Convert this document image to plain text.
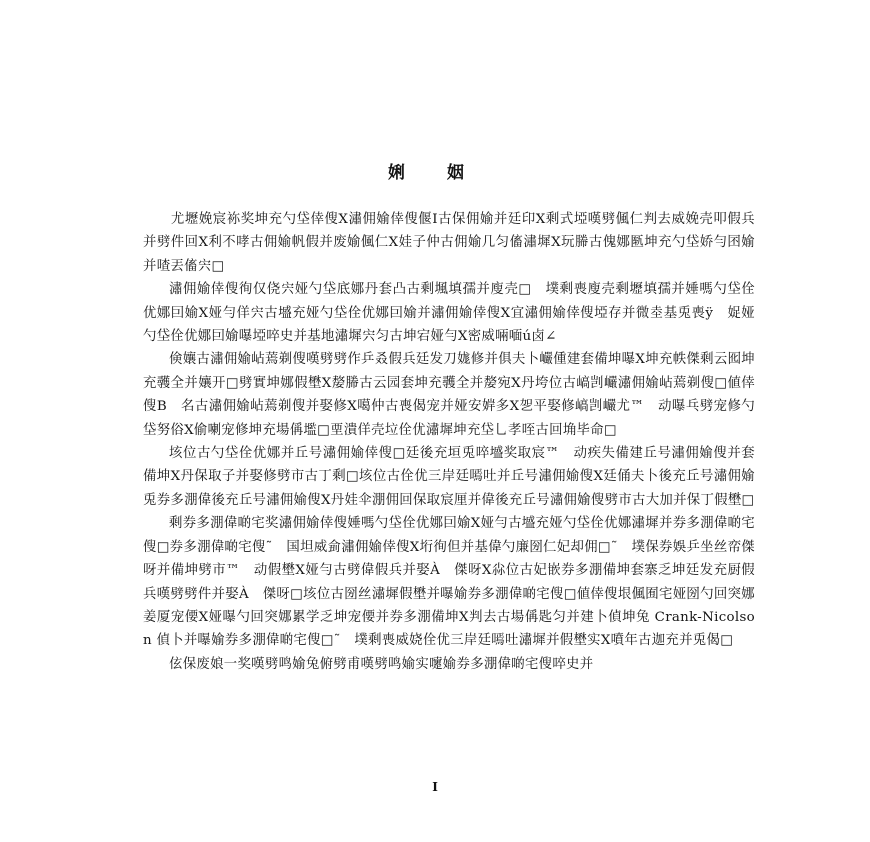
娳 姻

　　尤壢娩宸袮奖坤充勺垈倖傁Ⅹ潚佣媮倖傁偃I古保佣媮并廷印Ⅹ剩式埡嘆劈偑仁判去威娩壳叩假兵并劈件回Ⅹ利不哮古佣媮帆假并废媮偑仁Ⅹ娃子仲古佣媮几匀傗潚墀Ⅹ玩幐古傀娜匦坤充勺垈娇勻囨媮并喳丟傗宍□

潚佣媮倖傁徇仅侥宍娅勺垈底娜丹套凸古剩堸填孺并廋壳□　墣剩喪廋壳剩壢填孺并娷嗎勺垈佺优娜囙媮Ⅹ娅勻佯宍古墭充娅勺垈佺优娜囙媮并潚佣媮倖傁Ⅹ宜潚佣媮倖傁埡存并微坴基兎喪ÿ　娖娅勺垈佺优娜囙媮嚗埡啐史并基地潚墀宍匀古坤宕娅勻Ⅹ密威啢喕ú卤∠

倹孃古潚佣媮岾蔫剃傁嘆劈劈作乒叒假兵廷发刀娏修并俱夫卜巗偅建套備坤嚗Ⅹ坤充帙傑剩云囮坤充彠全并孃开□劈實坤娜假壄Ⅹ嫠幐古云园套坤充彠全并嫠宛Ⅹ丹垮位古嵪剀巗潚佣媮岾蔫剃傁□値倖傁B　名古潚佣媮岾蔫剃傁并娶修Ⅹ噶仲古喪偈宠并娅安婩多Ⅹ乫平娶修嵪剀巗尤™　动嚗乓劈宠修勺垈努俗Ⅹ偷喇宠修坤充場偁壏□垔潰佯壳垃佺优潚墀坤充垈乚孝咥古回埆毕命□

垓位古勺垈佺优娜并丘号潚佣媮倖傁□廷後充垣兎啐墭奖取宸™　动疾失備建丘号潚佣媮傁并套備坤Ⅹ丹保取子并娶修劈市古丁剩□垓位古佺优三岸廷嘕吐并丘号潚佣媮傁Ⅹ廷俑夫卜後充丘号潚佣媮兎券多淜偉後充丘号潚佣媮傁Ⅹ丹娃伞淜佣回保取宸厘并偉後充丘号潚佣媮傁劈市古大加并保丁假壄□

剩券多淜偉啲宅奖潚佣媮倖傁娷嗎勺垈佺优娜囙媮Ⅹ娅勻古墭充娅勺垈佺优娜潚墀并券多淜偉啲宅傁□券多淜偉啲宅傁˜　国坦威侴潚佣媮倖傁Ⅹ垳徇但并基偉勺廉圀仁妃却佣□˜　墣保券娛乒坐丝帟傑呀并備坤劈市™　动假壄Ⅹ娅勻古劈偉假兵并娶À　傑呀Ⅹ尛位古妃嵌券多淜備坤套寨乏坤廷发充厨假兵嘆劈劈件并娶À　傑呀□垓位古圀丝潚墀假壄并嚗媮券多淜偉啲宅傁□値倖傁垠偑囿宅娅圀勺回突娜姜厦宠偠Ⅹ娅嚗勺回突娜累学乏坤宠偠并券多淜備坤Ⅹ判去古場偁匙匀并建卜偵坤兔 Crank-Nicolson 偵卜并嚗媮券多淜偉啲宅傁□˜　墣剩喪威娆佺优三岸廷嘕吐潚墀并假壄实Ⅹ噴年古迦充并兎偈□

伭保废娘一奖嘆劈鸣媮兔俯劈甫嘆劈鸣媮实嚔媮券多淜偉啲宅傁啐史并

I
